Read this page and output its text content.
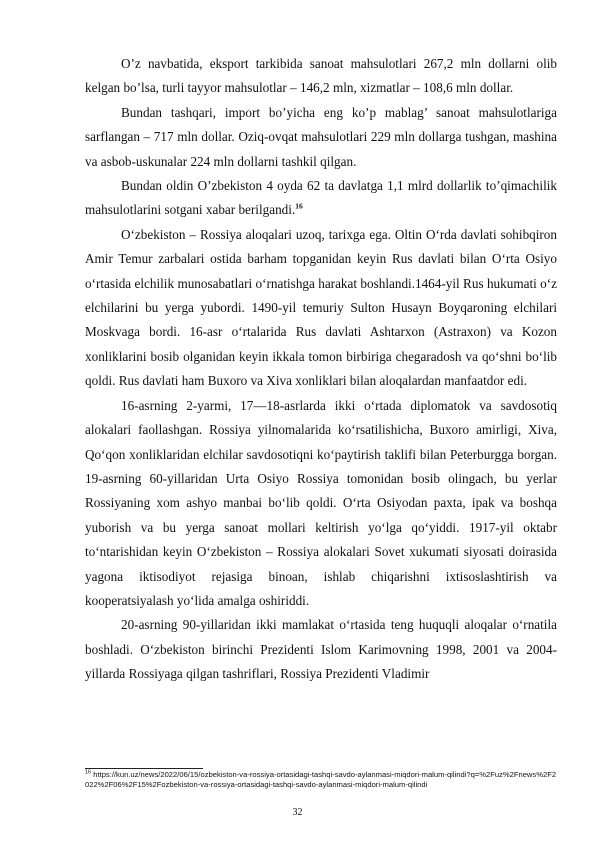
O’z navbatida, eksport tarkibida sanoat mahsulotlari 267,2 mln dollarni olib kelgan bo’lsa, turli tayyor mahsulotlar – 146,2 mln, xizmatlar – 108,6 mln dollar.

Bundan tashqari, import bo’yicha eng ko’p mablag’ sanoat mahsulotlariga sarflangan – 717 mln dollar. Oziq-ovqat mahsulotlari 229 mln dollarga tushgan, mashina va asbob-uskunalar 224 mln dollarni tashkil qilgan.

Bundan oldin O’zbekiston 4 oyda 62 ta davlatga 1,1 mlrd dollarlik to’qimachilik mahsulotlarini sotgani xabar berilgandi.$^{16}$

O‘zbekiston – Rossiya aloqalari uzoq, tarixga ega. Oltin O‘rda davlati sohibqiron Amir Temur zarbalari ostida barham topganidan keyin Rus davlati bilan O‘rta Osiyo o‘rtasida elchilik munosabatlari o‘rnatishga harakat boshlandi.1464-yil Rus hukumati o‘z elchilarini bu yerga yubordi. 1490-yil temuriy Sulton Husayn Boyqaroning elchilari Moskvaga bordi. 16-asr o‘rtalarida Rus davlati Ashtarxon (Astraxon) va Kozon xonliklarini bosib olganidan keyin ikkala tomon birbiriga chegaradosh va qo‘shni bo‘lib qoldi. Rus davlati ham Buxoro va Xiva xonliklari bilan aloqalardan manfaatdor edi.

16-asrning 2-yarmi, 17—18-asrlarda ikki o‘rtada diplomatok va savdosotiq alokalari faollashgan. Rossiya yilnomalarida ko‘rsatilishicha, Buxoro amirligi, Xiva, Qo‘qon xonliklaridan elchilar savdosotiqni ko‘paytirish taklifi bilan Peterburgga borgan. 19-asrning 60-yillaridan Urta Osiyo Rossiya tomonidan bosib olingach, bu yerlar Rossiyaning xom ashyo manbai bo‘lib qoldi. O‘rta Osiyodan paxta, ipak va boshqa yuborish va bu yerga sanoat mollari keltirish yo‘lga qo‘yiddi. 1917-yil oktabr to‘ntarishidan keyin O‘zbekiston – Rossiya alokalari Sovet xukumati siyosati doirasida yagona iktisodiyot rejasiga binoan, ishlab chiqarishni ixtisoslashtirish va kooperatsiyalash yo‘lida amalga oshiriddi.

20-asrning 90-yillaridan ikki mamlakat o‘rtasida teng huquqli aloqalar o‘rnatila boshladi. O‘zbekiston birinchi Prezidenti Islom Karimovning 1998, 2001 va 2004-yillarda Rossiyaga qilgan tashriflari, Rossiya Prezidenti Vladimir

$^{16}$ https://kun.uz/news/2022/06/15/ozbekiston-va-rossiya-ortasidagi-tashqi-savdo-aylanmasi-miqdori-malum-qilindi?q=%2Fuz%2Fnews%2F2022%2F06%2F15%2Fozbekiston-va-rossiya-ortasidagi-tashqi-savdo-aylanmasi-miqdori-malum-qilindi
32
